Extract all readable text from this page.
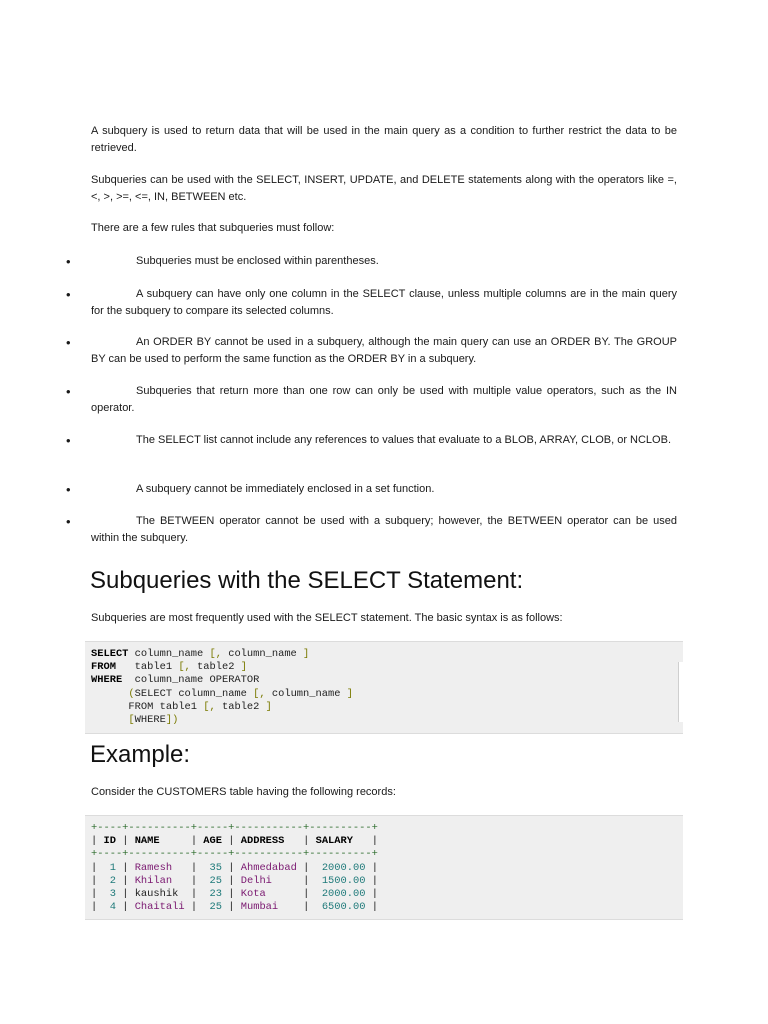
A subquery is used to return data that will be used in the main query as a condition to further restrict the data to be retrieved.

Subqueries can be used with the SELECT, INSERT, UPDATE, and DELETE statements along with the operators like =, <, >, >=, <=, IN, BETWEEN etc.

There are a few rules that subqueries must follow:

•	Subqueries must be enclosed within parentheses.

•	A subquery can have only one column in the SELECT clause, unless multiple columns are in the main query for the subquery to compare its selected columns.

•	An ORDER BY cannot be used in a subquery, although the main query can use an ORDER BY. The GROUP BY can be used to perform the same function as the ORDER BY in a subquery.

•	Subqueries that return more than one row can only be used with multiple value operators, such as the IN operator.

•	The SELECT list cannot include any references to values that evaluate to a BLOB, ARRAY, CLOB, or NCLOB.

•	A subquery cannot be immediately enclosed in a set function.

•	The BETWEEN operator cannot be used with a subquery; however, the BETWEEN operator can be used within the subquery.

Subqueries with the SELECT Statement:

Subqueries are most frequently used with the SELECT statement. The basic syntax is as follows:

SELECT column_name [, column_name ]
FROM   table1 [, table2 ]
WHERE  column_name OPERATOR
(SELECT column_name [, column_name ]
FROM table1 [, table2 ]
[WHERE])
Example:

Consider the CUSTOMERS table having the following records:

+----+----------+-----+-----------+----------+
| ID | NAME     | AGE | ADDRESS   | SALARY   |
+----+----------+-----+-----------+----------+
|  1 | Ramesh   |  35 | Ahmedabad |  2000.00 |
|  2 | Khilan   |  25 | Delhi     |  1500.00 |
|  3 | kaushik  |  23 | Kota      |  2000.00 |
|  4 | Chaitali |  25 | Mumbai    |  6500.00 |
